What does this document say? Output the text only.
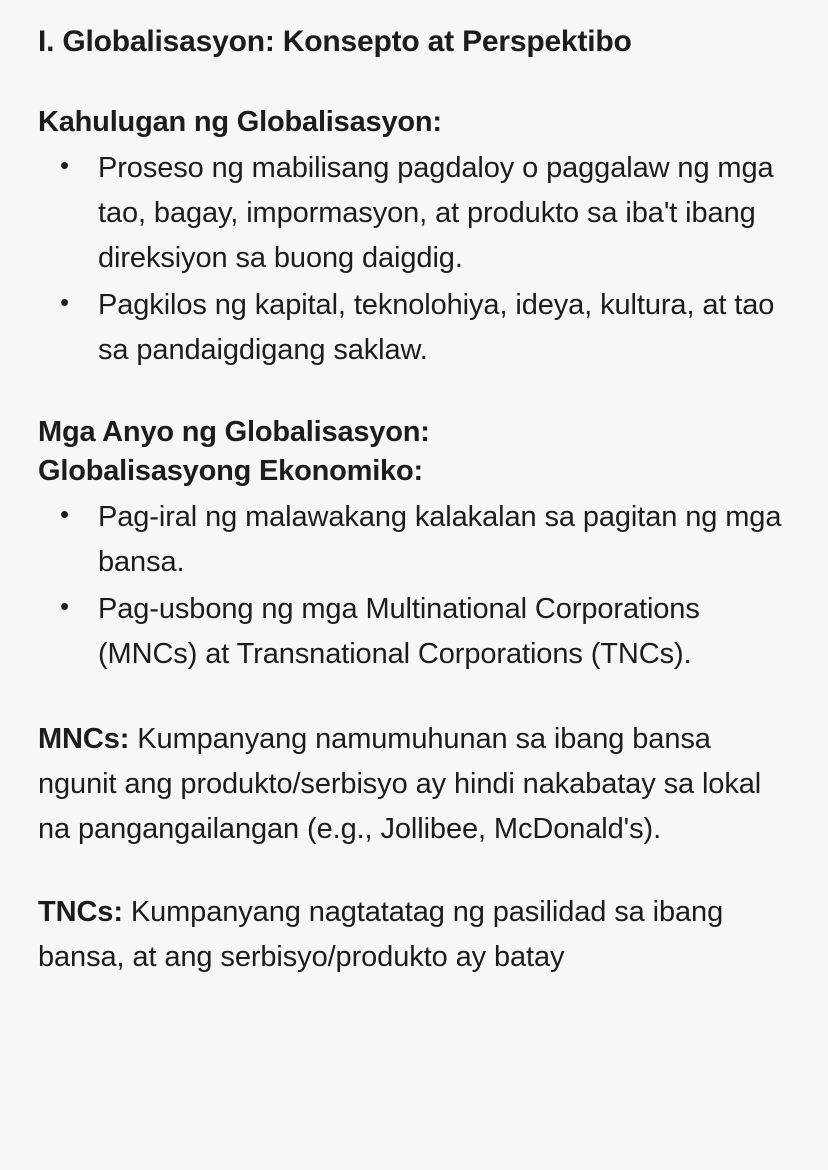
I. Globalisasyon: Konsepto at Perspektibo
Kahulugan ng Globalisasyon:
• Proseso ng mabilisang pagdaloy o paggalaw ng mga tao, bagay, impormasyon, at produkto sa iba't ibang direksiyon sa buong daigdig.
• Pagkilos ng kapital, teknolohiya, ideya, kultura, at tao sa pandaigdigang saklaw.
Mga Anyo ng Globalisasyon:
Globalisasyong Ekonomiko:
• Pag-iral ng malawakang kalakalan sa pagitan ng mga bansa.
• Pag-usbong ng mga Multinational Corporations (MNCs) at Transnational Corporations (TNCs).

MNCs: Kumpanyang namumuhunan sa ibang bansa ngunit ang produkto/serbisyo ay hindi nakabatay sa lokal na pangangailangan (e.g., Jollibee, McDonald's).

TNCs: Kumpanyang nagtatatag ng pasilidad sa ibang bansa, at ang serbisyo/produkto ay batay
